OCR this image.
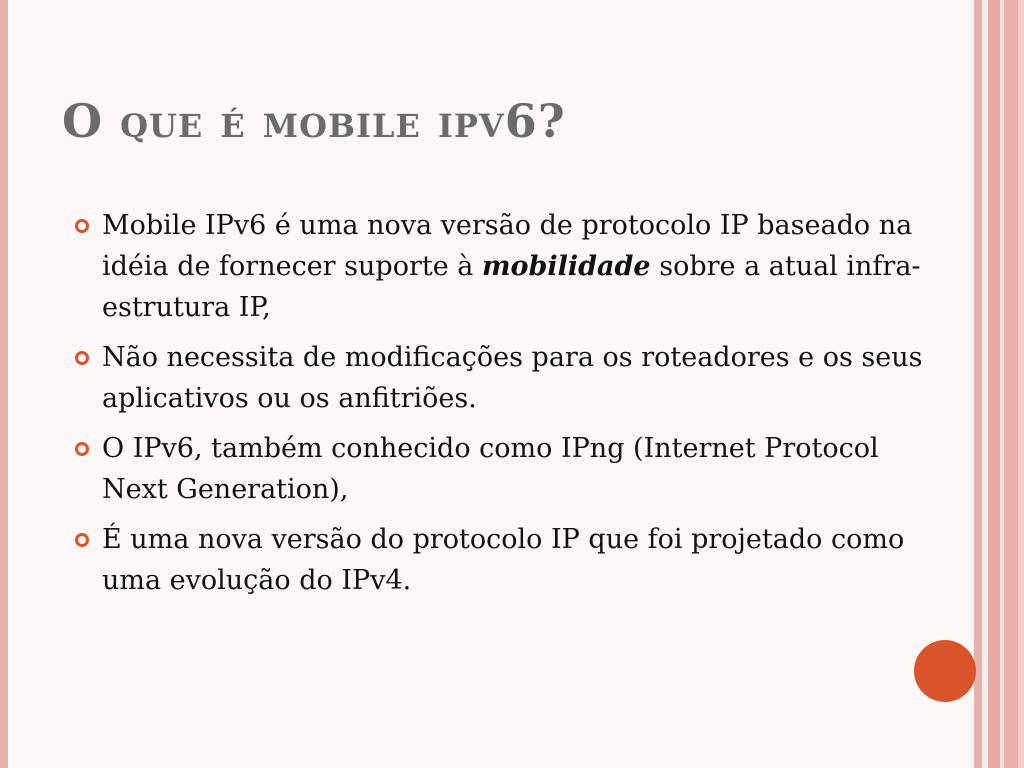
O que é mobile ipv6?
Mobile IPv6 é uma nova versão de protocolo IP baseado na idéia de fornecer suporte à mobilidade sobre a atual infra-estrutura IP,
Não necessita de modificações para os roteadores e os seus aplicativos ou os anfitriões.
O IPv6, também conhecido como IPng (Internet Protocol Next Generation),
É uma nova versão do protocolo IP que foi projetado como uma evolução do IPv4.
